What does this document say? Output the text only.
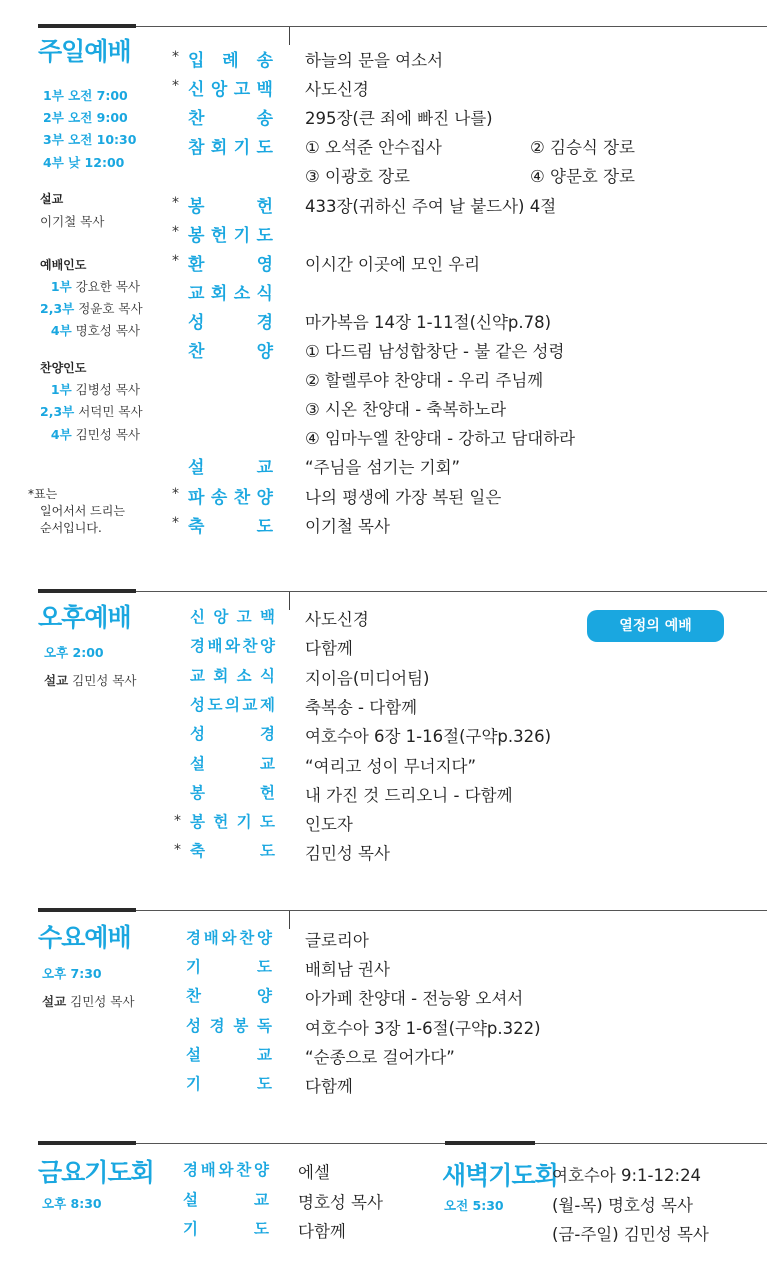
주일예배
1부 오전 7:00
2부 오전 9:00
3부 오전 10:30
4부 낮 12:00
설교
이기철 목사
예배인도
1부 강요한 목사
2,3부 정윤호 목사
4부 명호성 목사
찬양인도
1부 김병성 목사
2,3부 서덕민 목사
4부 김민성 목사
*표는
일어서서 드리는
순서입니다.
* 입 례 송 하늘의 문을 여소서
* 신 앙 고 백 사도신경
찬	송 295장(큰 죄에 빠진 나를)
참 회 기 도 ① 오석준 안수집사	② 김승식 장로
③ 이광호 장로	④ 양문호 장로
* 봉	헌 433장(귀하신 주여 날 붙드사) 4절
* 봉 헌 기 도
* 환	영 이시간 이곳에 모인 우리
교 회 소 식
성	경 마가복음 14장 1-11절(신약p.78)
찬	양 ① 다드림 남성합창단 - 불 같은 성령
② 할렐루야 찬양대 - 우리 주님께
③ 시온 찬양대 - 축복하노라
④ 임마누엘 찬양대 - 강하고 담대하라
설	교 “주님을 섬기는 기회”
* 파 송 찬 양 나의 평생에 가장 복된 일은
* 축	도 이기철 목사
오후예배
오후 2:00
설교 김민성 목사
열정의 예배
신 앙 고 백 사도신경
경 배 와 찬 양 다함께
교 회 소 식 지이음(미디어팀)
성 도 의 교 제 축복송 - 다함께
성	경 여호수아 6장 1-16절(구약p.326)
설	교 “여리고 성이 무너지다”
봉	헌 내 가진 것 드리오니 - 다함께
* 봉 헌 기 도 인도자
* 축	도 김민성 목사
수요예배
오후 7:30
설교 김민성 목사
경 배 와 찬 양 글로리아
기	도 배희남 권사
찬	양 아가페 찬양대 - 전능왕 오셔서
성 경 봉 독 여호수아 3장 1-6절(구약p.322)
설	교 “순종으로 걸어가다”
기	도 다함께
금요기도회
오후 8:30
경 배 와 찬 양 에셀
설	교 명호성 목사
기	도 다함께
새벽기도회
오전 5:30
여호수아 9:1-12:24
(월-목) 명호성 목사
(금-주일) 김민성 목사
